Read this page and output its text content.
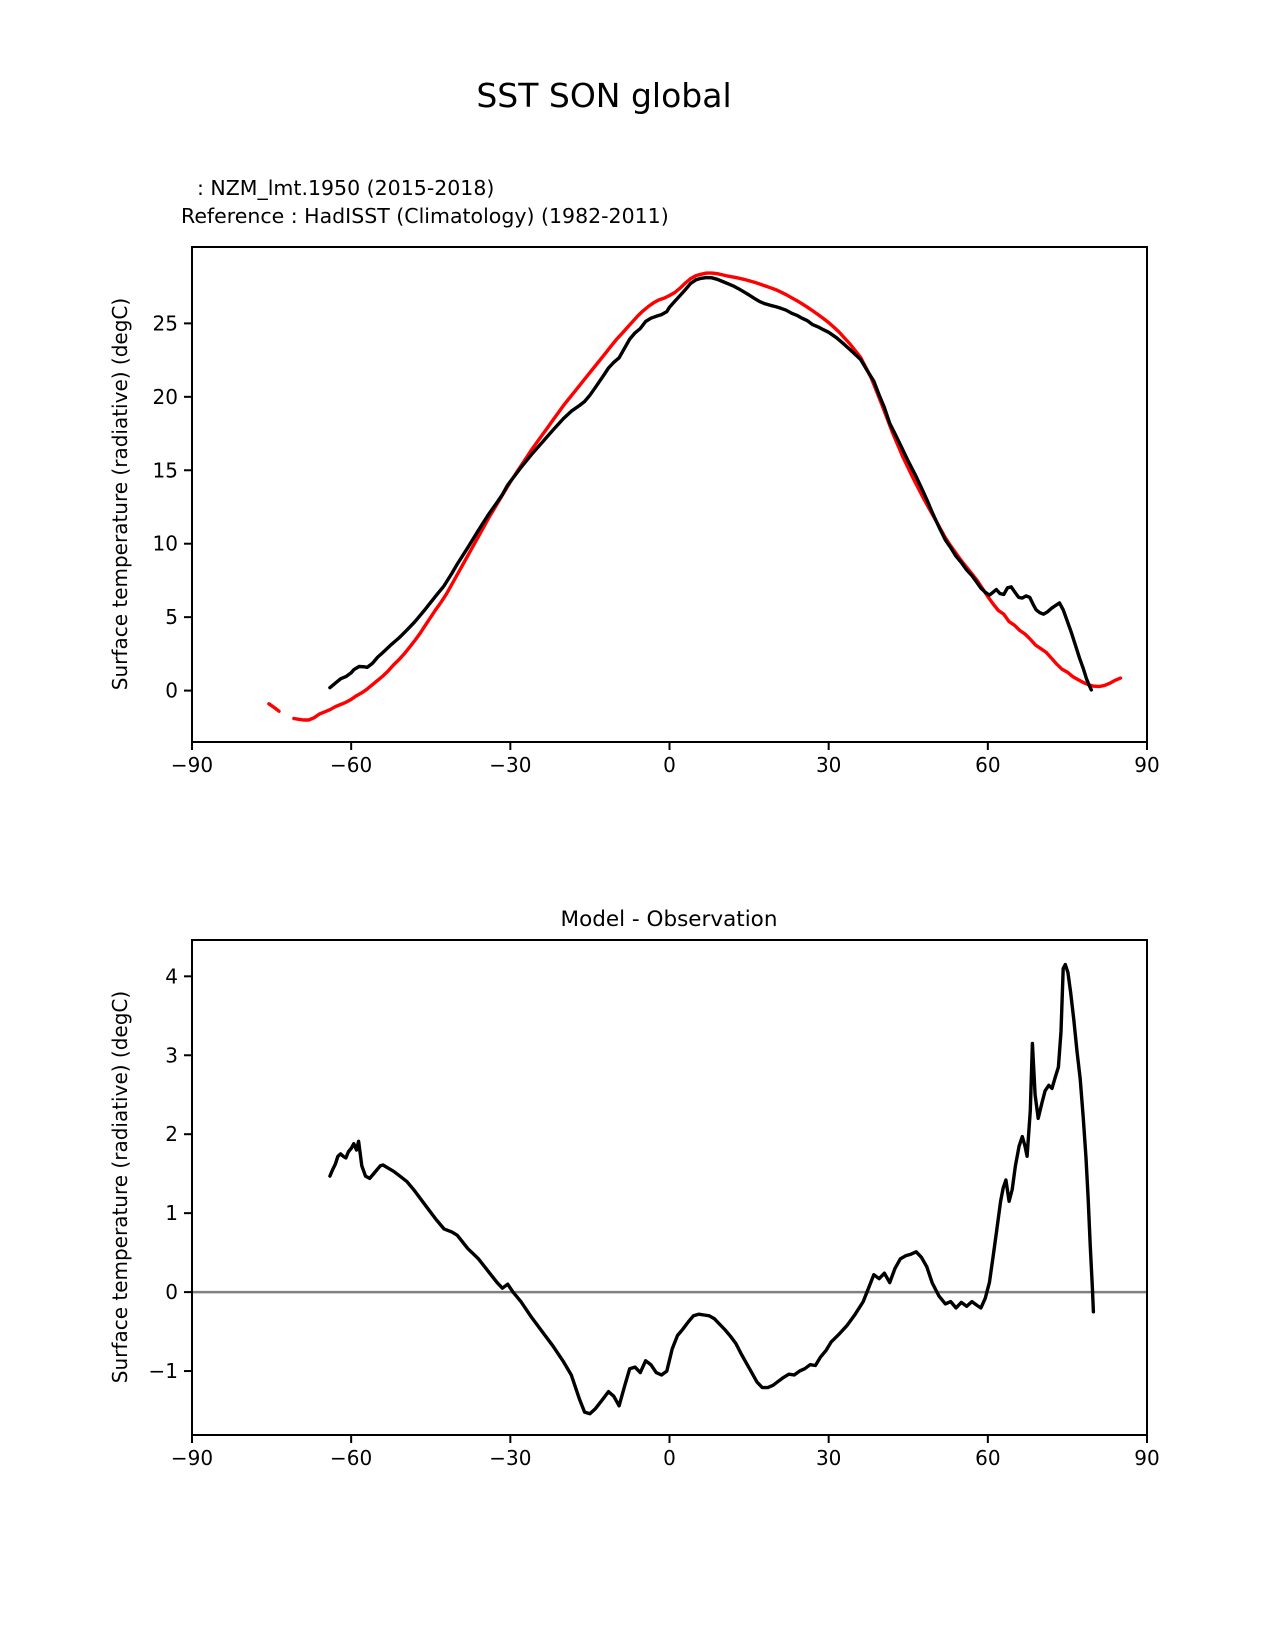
SST SON global
: NZM_lmt.1950 (2015-2018)
Reference : HadISST (Climatology) (1982-2011)
Surface temperature (radiative) (degC)
Model - Observation
Surface temperature (radiative) (degC)
−90	−60	−30	0	30	60	90
0
5
10
15
20
25
−90	−60	−30	0	30	60	90
−1
0
1
2
3
4
